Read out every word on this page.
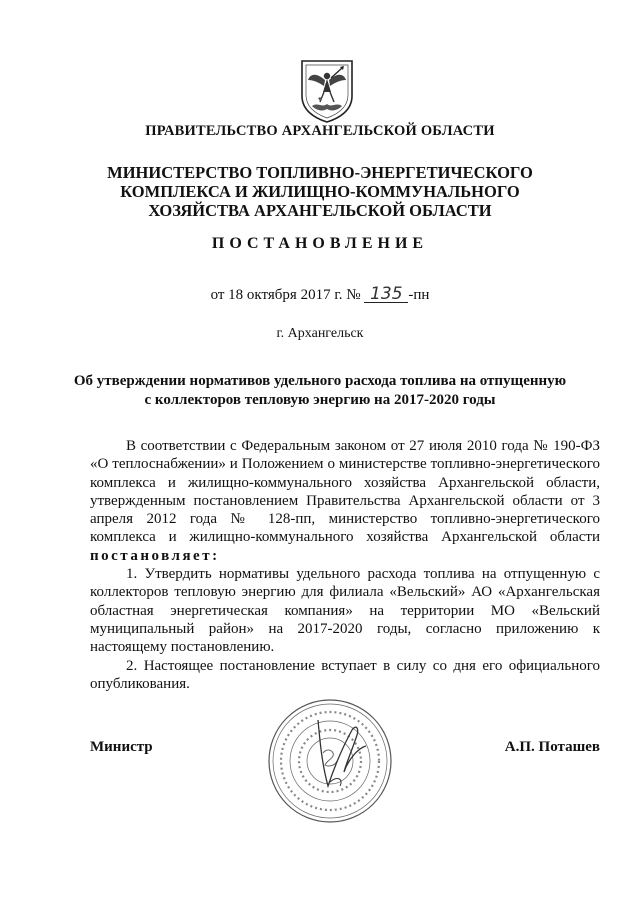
ПРАВИТЕЛЬСТВО АРХАНГЕЛЬСКОЙ ОБЛАСТИ
МИНИСТЕРСТВО ТОПЛИВНО-ЭНЕРГЕТИЧЕСКОГО
КОМПЛЕКСА И ЖИЛИЩНО-КОММУНАЛЬНОГО
ХОЗЯЙСТВА АРХАНГЕЛЬСКОЙ ОБЛАСТИ
ПОСТАНОВЛЕНИЕ
от 18 октября 2017 г. № 135 -пн
г. Архангельск
Об утверждении нормативов удельного расхода топлива на отпущенную
с коллекторов тепловую энергию на 2017-2020 годы

В соответствии с Федеральным законом от 27 июля 2010 года № 190-ФЗ «О теплоснабжении» и Положением о министерстве топливно-энергетического комплекса и жилищно-коммунального хозяйства Архангельской области, утвержденным постановлением Правительства Архангельской области от 3 апреля 2012 года № 128-пп, министерство топливно-энергетического комплекса и жилищно-коммунального хозяйства Архангельской области постановляет:

1. Утвердить нормативы удельного расхода топлива на отпущенную с коллекторов тепловую энергию для филиала «Вельский» АО «Архангельская областная энергетическая компания» на территории МО «Вельский муниципальный район» на 2017-2020 годы, согласно приложению к настоящему постановлению.

2. Настоящее постановление вступает в силу со дня его официального опубликования.

Министр	А.П. Поташев
